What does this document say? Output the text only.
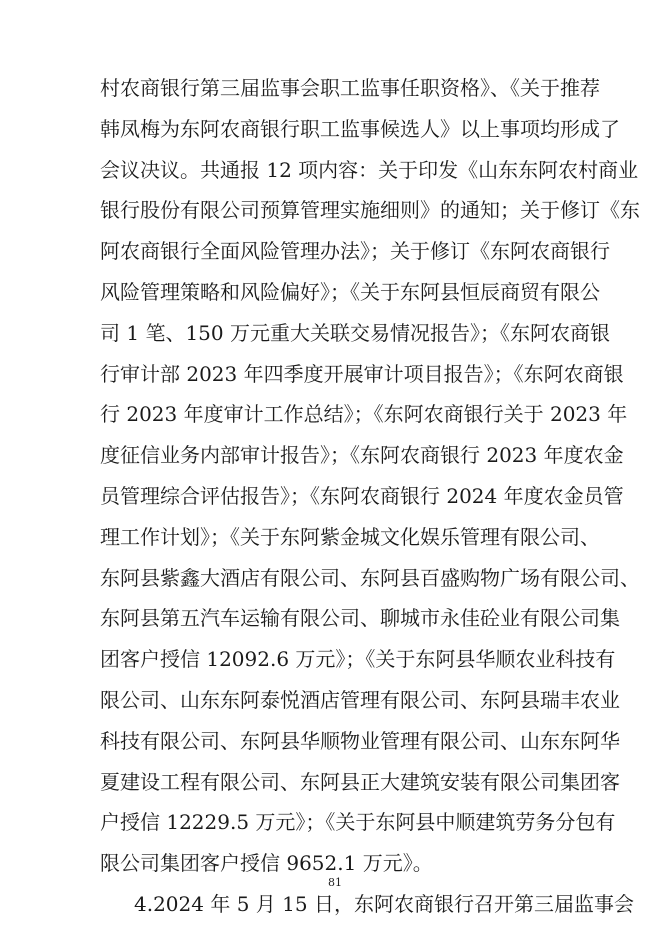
村农商银行第三届监事会职工监事任职资格》、《关于推荐
韩凤梅为东阿农商银行职工监事候选人》以上事项均形成了
会议决议。共通报 12 项内容：关于印发《山东东阿农村商业
银行股份有限公司预算管理实施细则》的通知；关于修订《东
阿农商银行全面风险管理办法》；关于修订《东阿农商银行
风险管理策略和风险偏好》；《关于东阿县恒辰商贸有限公
司 1 笔、150 万元重大关联交易情况报告》；《东阿农商银
行审计部 2023 年四季度开展审计项目报告》；《东阿农商银
行 2023 年度审计工作总结》；《东阿农商银行关于 2023 年
度征信业务内部审计报告》；《东阿农商银行 2023 年度农金
员管理综合评估报告》；《东阿农商银行 2024 年度农金员管
理工作计划》；《关于东阿紫金城文化娱乐管理有限公司、
东阿县紫鑫大酒店有限公司、东阿县百盛购物广场有限公司、
东阿县第五汽车运输有限公司、聊城市永佳砼业有限公司集
团客户授信 12092.6 万元》；《关于东阿县华顺农业科技有
限公司、山东东阿泰悦酒店管理有限公司、东阿县瑞丰农业
科技有限公司、东阿县华顺物业管理有限公司、山东东阿华
夏建设工程有限公司、东阿县正大建筑安装有限公司集团客
户授信 12229.5 万元》；《关于东阿县中顺建筑劳务分包有
限公司集团客户授信 9652.1 万元》。
4.2024 年 5 月 15 日，东阿农商银行召开第三届监事会
81
